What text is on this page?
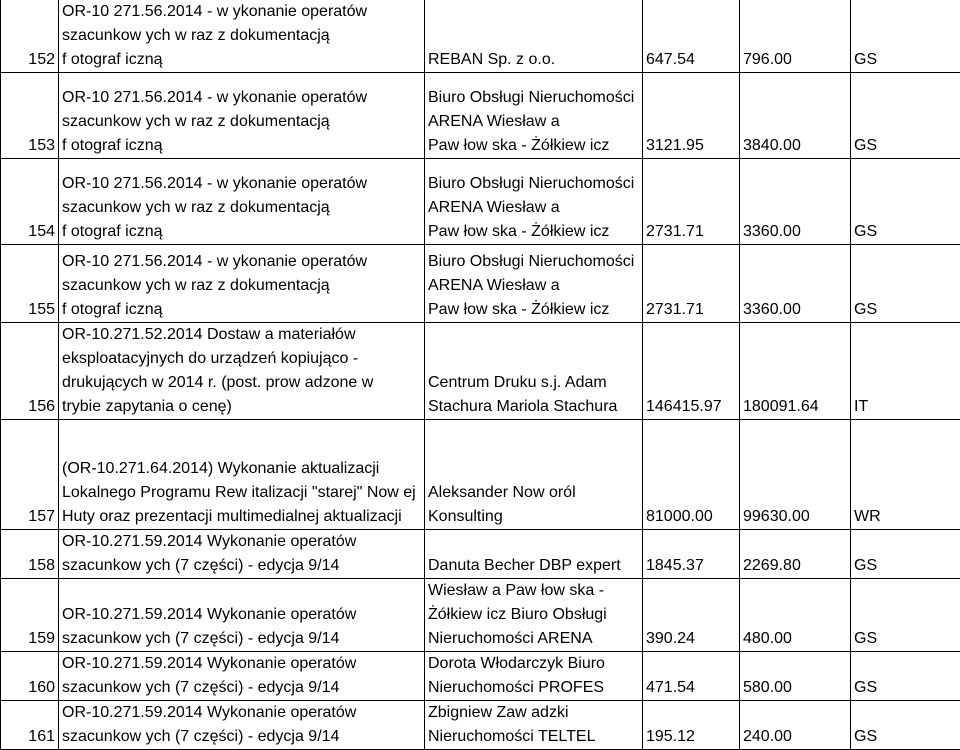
152	OR-10 271.56.2014 - w ykonanie operatów
szacunkow ych w raz z dokumentacją
f otograf iczną	REBAN Sp. z o.o.	647.54	796.00	GS
153	OR-10 271.56.2014 - w ykonanie operatów
szacunkow ych w raz z dokumentacją
f otograf iczną	Biuro Obsługi Nieruchomości
ARENA Wiesław a
Paw łow ska - Żółkiew icz	3121.95	3840.00	GS
154	OR-10 271.56.2014 - w ykonanie operatów
szacunkow ych w raz z dokumentacją
f otograf iczną	Biuro Obsługi Nieruchomości
ARENA Wiesław a
Paw łow ska - Żółkiew icz	2731.71	3360.00	GS
155	OR-10 271.56.2014 - w ykonanie operatów
szacunkow ych w raz z dokumentacją
f otograf iczną	Biuro Obsługi Nieruchomości
ARENA Wiesław a
Paw łow ska - Żółkiew icz	2731.71	3360.00	GS
156	OR-10.271.52.2014 Dostaw a materiałów
eksploatacyjnych do urządzeń kopiująco -
drukujących w 2014 r. (post. prow adzone w
trybie zapytania o cenę)	Centrum Druku s.j. Adam
Stachura Mariola Stachura	146415.97	180091.64	IT
157	(OR-10.271.64.2014) Wykonanie aktualizacji
Lokalnego Programu Rew italizacji "starej" Now ej
Huty oraz prezentacji multimedialnej aktualizacji	Aleksander Now oról
Konsulting	81000.00	99630.00	WR
158	OR-10.271.59.2014 Wykonanie operatów
szacunkow ych (7 części) - edycja 9/14	Danuta Becher DBP expert	1845.37	2269.80	GS
159	OR-10.271.59.2014 Wykonanie operatów
szacunkow ych (7 części) - edycja 9/14	Wiesław a Paw łow ska -
Żółkiew icz Biuro Obsługi
Nieruchomości ARENA	390.24	480.00	GS
160	OR-10.271.59.2014 Wykonanie operatów
szacunkow ych (7 części) - edycja 9/14	Dorota Włodarczyk Biuro
Nieruchomości PROFES	471.54	580.00	GS
161	OR-10.271.59.2014 Wykonanie operatów
szacunkow ych (7 części) - edycja 9/14	Zbigniew Zaw adzki
Nieruchomości TELTEL	195.12	240.00	GS
